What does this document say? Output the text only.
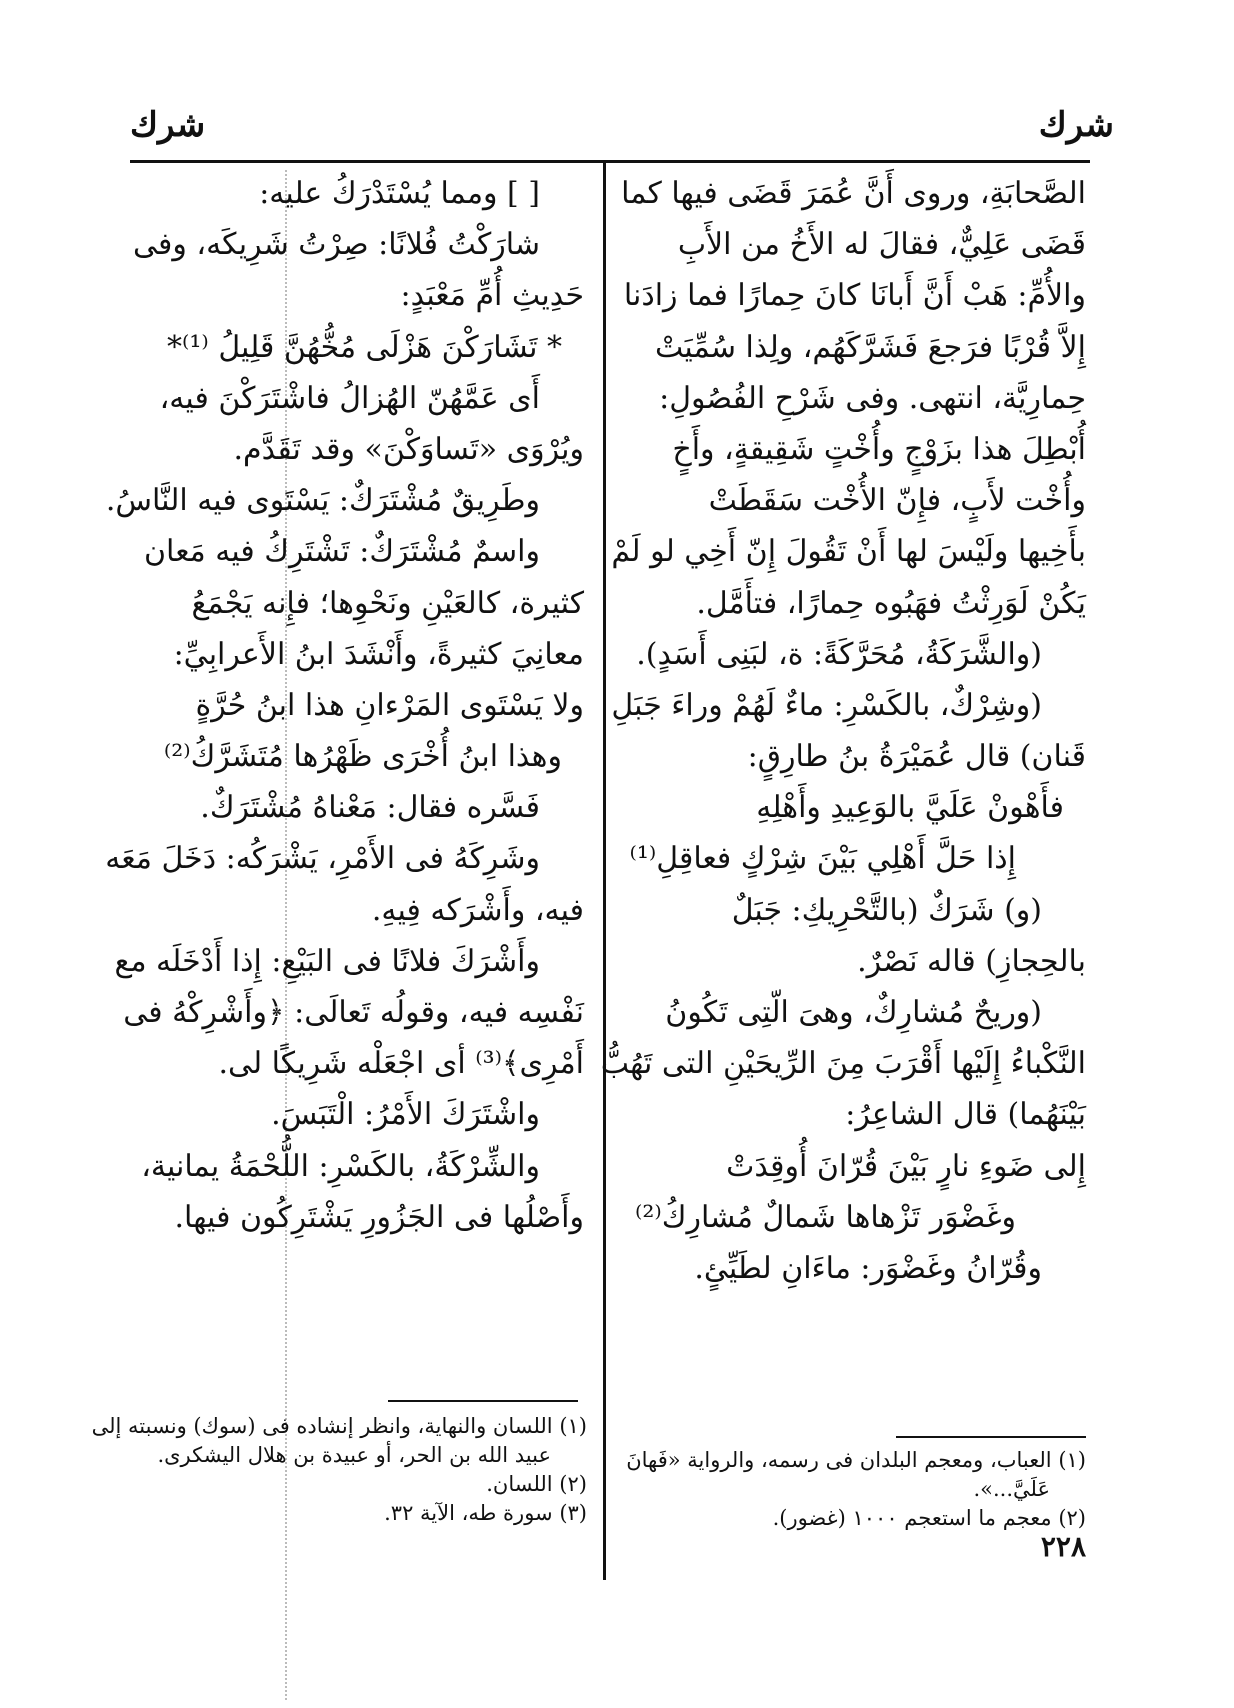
شرك
شرك
الصَّحابَةِ، وروى أَنَّ عُمَرَ قَضَى فيها كما
قَضَى عَلِيٌّ، فقالَ له الأَخُ من الأَبِ
والأُمِّ: هَبْ أَنَّ أَبانَا كانَ حِمارًا فما زادَنا
إِلاَّ قُرْبًا فرَجعَ فَشَرَّكَهُم، ولِذا سُمِّيَتْ
حِمارِيَّة، انتهى. وفى شَرْحِ الفُصُولِ:
أُبْطِلَ هذا بزَوْجٍ وأُخْتٍ شَقِيقةٍ، وأَخٍ
وأُخْت لأَبٍ، فإِنّ الأُخْت سَقَطَتْ
بأَخِيها ولَيْسَ لها أَنْ تَقُولَ إِنّ أَخِي لو لَمْ
يَكُنْ لَوَرِثْتُ فهَبُوه حِمارًا، فتأَمَّل.
(والشَّرَكَةُ، مُحَرَّكَةً: ة، لبَنِى أَسَدٍ).
(وشِرْكٌ، بالكَسْرِ: ماءٌ لَهُمْ وراءَ جَبَلِ
قَنان) قال عُمَيْرَةُ بنُ طارِقٍ:
فأَهْونْ عَلَيَّ بالوَعِيدِ وأَهْلِهِ
إِذا حَلَّ أَهْلِي بَيْنَ شِرْكٍ فعاقِلِ⁽¹⁾
(و) شَرَكٌ (بالتَّحْرِيكِ: جَبَلٌ
بالحِجازِ) قاله نَصْرٌ.
(وريحٌ مُشارِكٌ، وهىَ الّتِى تَكُونُ
النَّكْباءُ إِلَيْها أَقْرَبَ مِنَ الرِّيحَيْنِ التى تَهُبُّ
بَيْنَهُما) قال الشاعِرُ:
إِلى ضَوءِ نارٍ بَيْنَ قُرّانَ أُوقِدَتْ
وغَضْوَر تَزْهاها شَمالٌ مُشارِكُ⁽²⁾
وقُرّانُ وغَضْوَر: ماءَانِ لطَيِّئٍ.
[ ] ومما يُسْتَدْرَكُ عليه:
شارَكْتُ فُلانًا: صِرْتُ شَرِيكَه، وفى
حَدِيثِ أُمِّ مَعْبَدٍ:
* تَشَارَكْنَ هَزْلَى مُخُّهُنَّ قَلِيلُ ⁽¹⁾*
أَى عَمَّهُنّ الهُزالُ فاشْتَرَكْنَ فيه،
ويُرْوَى «تَساوَكْنَ» وقد تَقَدَّم.
وطَرِيقٌ مُشْتَرَكٌ: يَسْتَوى فيه النَّاسُ.
واسمٌ مُشْتَرَكٌ: تَشْتَرِكُ فيه مَعان
كثيرة، كالعَيْنِ ونَحْوِها؛ فإِنه يَجْمَعُ
معانِيَ كثيرةً، وأَنْشَدَ ابنُ الأَعرابِيِّ:
ولا يَسْتَوى المَرْءانِ هذا ابنُ حُرَّةٍ
وهذا ابنُ أُخْرَى ظَهْرُها مُتَشَرَّكُ⁽²⁾
فَسَّره فقال: مَعْناهُ مُشْتَرَكٌ.
وشَرِكَهُ فى الأَمْرِ، يَشْرَكُه: دَخَلَ مَعَه
فيه، وأَشْرَكه فِيهِ.
وأَشْرَكَ فلانًا فى البَيْعِ: إِذا أَدْخَلَه مع
نَفْسِه فيه، وقولُه تَعالَى: ﴿وأَشْرِكْهُ فى
أَمْرِى﴾⁽³⁾ أى اجْعَلْه شَرِيكًا لى.
واشْتَرَكَ الأَمْرُ: الْتَبَسَ.
والشِّرْكَةُ، بالكَسْرِ: اللُّحْمَةُ يمانية،
وأَصْلُها فى الجَزُورِ يَشْتَرِكُون فيها.
(١) العباب، ومعجم البلدان فى رسمه، والرواية «فَهانَ
عَلَيَّ...».
(٢) معجم ما استعجم ١٠٠٠ (غضور).
(١) اللسان والنهاية، وانظر إنشاده فى (سوك) ونسبته إلى
عبيد الله بن الحر، أو عبيدة بن هلال اليشكرى.
(٢) اللسان.
(٣) سورة طه، الآية ٣٢.
٢٢٨
